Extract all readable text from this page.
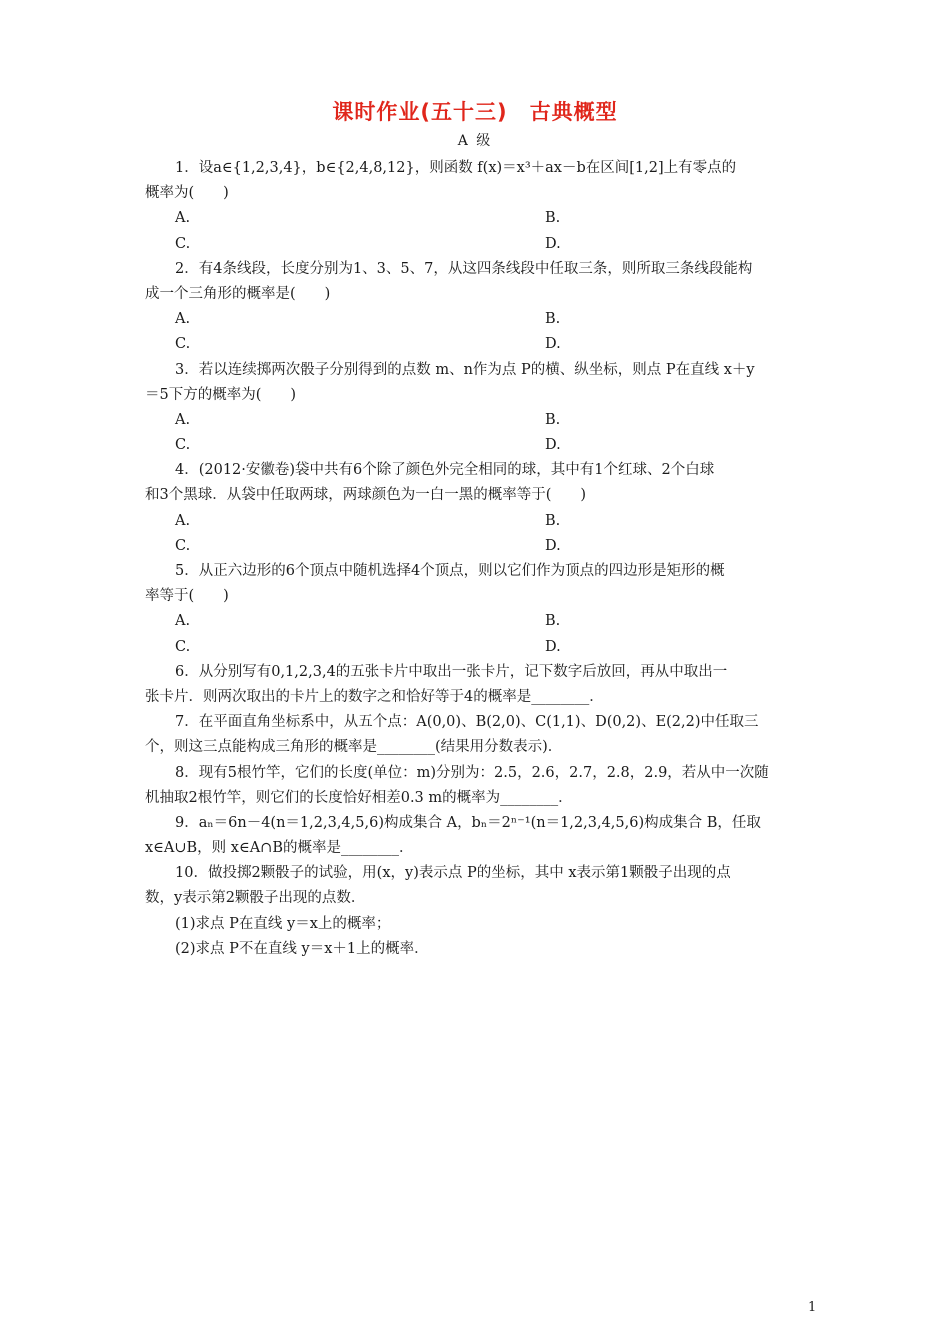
课时作业(五十三) 古典概型
A 级
1．设a∈{1,2,3,4}，b∈{2,4,8,12}，则函数 f(x)＝x³＋ax－b在区间[1,2]上有零点的
概率为(　　)
A.	B.
C.	D.
2．有4条线段，长度分别为1、3、5、7，从这四条线段中任取三条，则所取三条线段能构
成一个三角形的概率是(　　)
A.	B.
C.	D.
3．若以连续掷两次骰子分别得到的点数 m、n作为点 P的横、纵坐标，则点 P在直线 x＋y
＝5下方的概率为(　　)
A.	B.
C.	D.
4．(2012·安徽卷)袋中共有6个除了颜色外完全相同的球，其中有1个红球、2个白球
和3个黑球．从袋中任取两球，两球颜色为一白一黑的概率等于(　　)
A.	B.
C.	D.
5．从正六边形的6个顶点中随机选择4个顶点，则以它们作为顶点的四边形是矩形的概
率等于(　　)
A.	B.
C.	D.
6．从分别写有0,1,2,3,4的五张卡片中取出一张卡片，记下数字后放回，再从中取出一
张卡片．则两次取出的卡片上的数字之和恰好等于4的概率是________．
7．在平面直角坐标系中，从五个点：A(0,0)、B(2,0)、C(1,1)、D(0,2)、E(2,2)中任取三
个，则这三点能构成三角形的概率是________(结果用分数表示)．
8．现有5根竹竿，它们的长度(单位：m)分别为：2.5，2.6，2.7，2.8，2.9，若从中一次随
机抽取2根竹竿，则它们的长度恰好相差0.3 m的概率为________．
9．aₙ＝6n－4(n＝1,2,3,4,5,6)构成集合 A，bₙ＝2ⁿ⁻¹(n＝1,2,3,4,5,6)构成集合 B，任取
x∈A∪B，则 x∈A∩B的概率是________．
10．做投掷2颗骰子的试验，用(x，y)表示点 P的坐标，其中 x表示第1颗骰子出现的点
数，y表示第2颗骰子出现的点数．
(1)求点 P在直线 y＝x上的概率；
(2)求点 P不在直线 y＝x＋1上的概率．
1
